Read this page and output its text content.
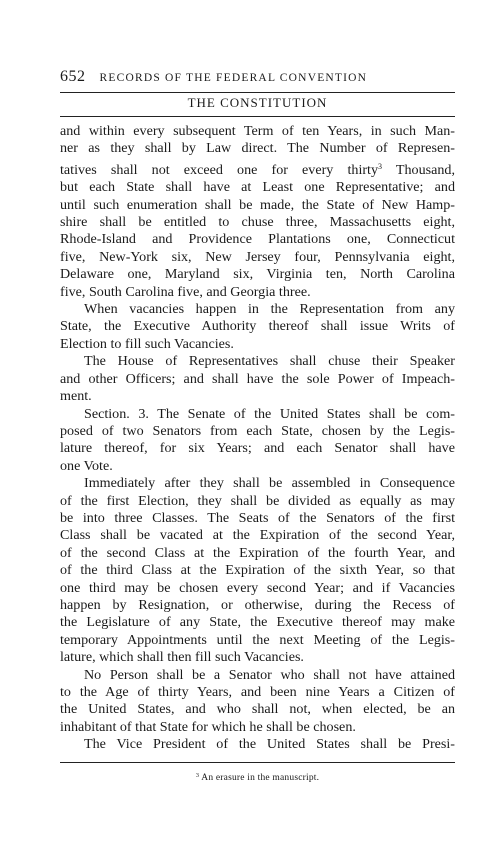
652 RECORDS OF THE FEDERAL CONVENTION
THE CONSTITUTION
and within every subsequent Term of ten Years, in such Man-
ner as they shall by Law direct. The Number of Represen-
tatives shall not exceed one for every thirty$^3$ Thousand,
but each State shall have at Least one Representative; and
until such enumeration shall be made, the State of New Hamp-
shire shall be entitled to chuse three, Massachusetts eight,
Rhode-Island and Providence Plantations one, Connecticut
five, New-York six, New Jersey four, Pennsylvania eight,
Delaware one, Maryland six, Virginia ten, North Carolina
five, South Carolina five, and Georgia three.
When vacancies happen in the Representation from any
State, the Executive Authority thereof shall issue Writs of
Election to fill such Vacancies.
The House of Representatives shall chuse their Speaker
and other Officers; and shall have the sole Power of Impeach-
ment.
Section. 3. The Senate of the United States shall be com-
posed of two Senators from each State, chosen by the Legis-
lature thereof, for six Years; and each Senator shall have
one Vote.
Immediately after they shall be assembled in Consequence
of the first Election, they shall be divided as equally as may
be into three Classes. The Seats of the Senators of the first
Class shall be vacated at the Expiration of the second Year,
of the second Class at the Expiration of the fourth Year, and
of the third Class at the Expiration of the sixth Year, so that
one third may be chosen every second Year; and if Vacancies
happen by Resignation, or otherwise, during the Recess of
the Legislature of any State, the Executive thereof may make
temporary Appointments until the next Meeting of the Legis-
lature, which shall then fill such Vacancies.
No Person shall be a Senator who shall not have attained
to the Age of thirty Years, and been nine Years a Citizen of
the United States, and who shall not, when elected, be an
inhabitant of that State for which he shall be chosen.
The Vice President of the United States shall be Presi-
$^3$ An erasure in the manuscript.
